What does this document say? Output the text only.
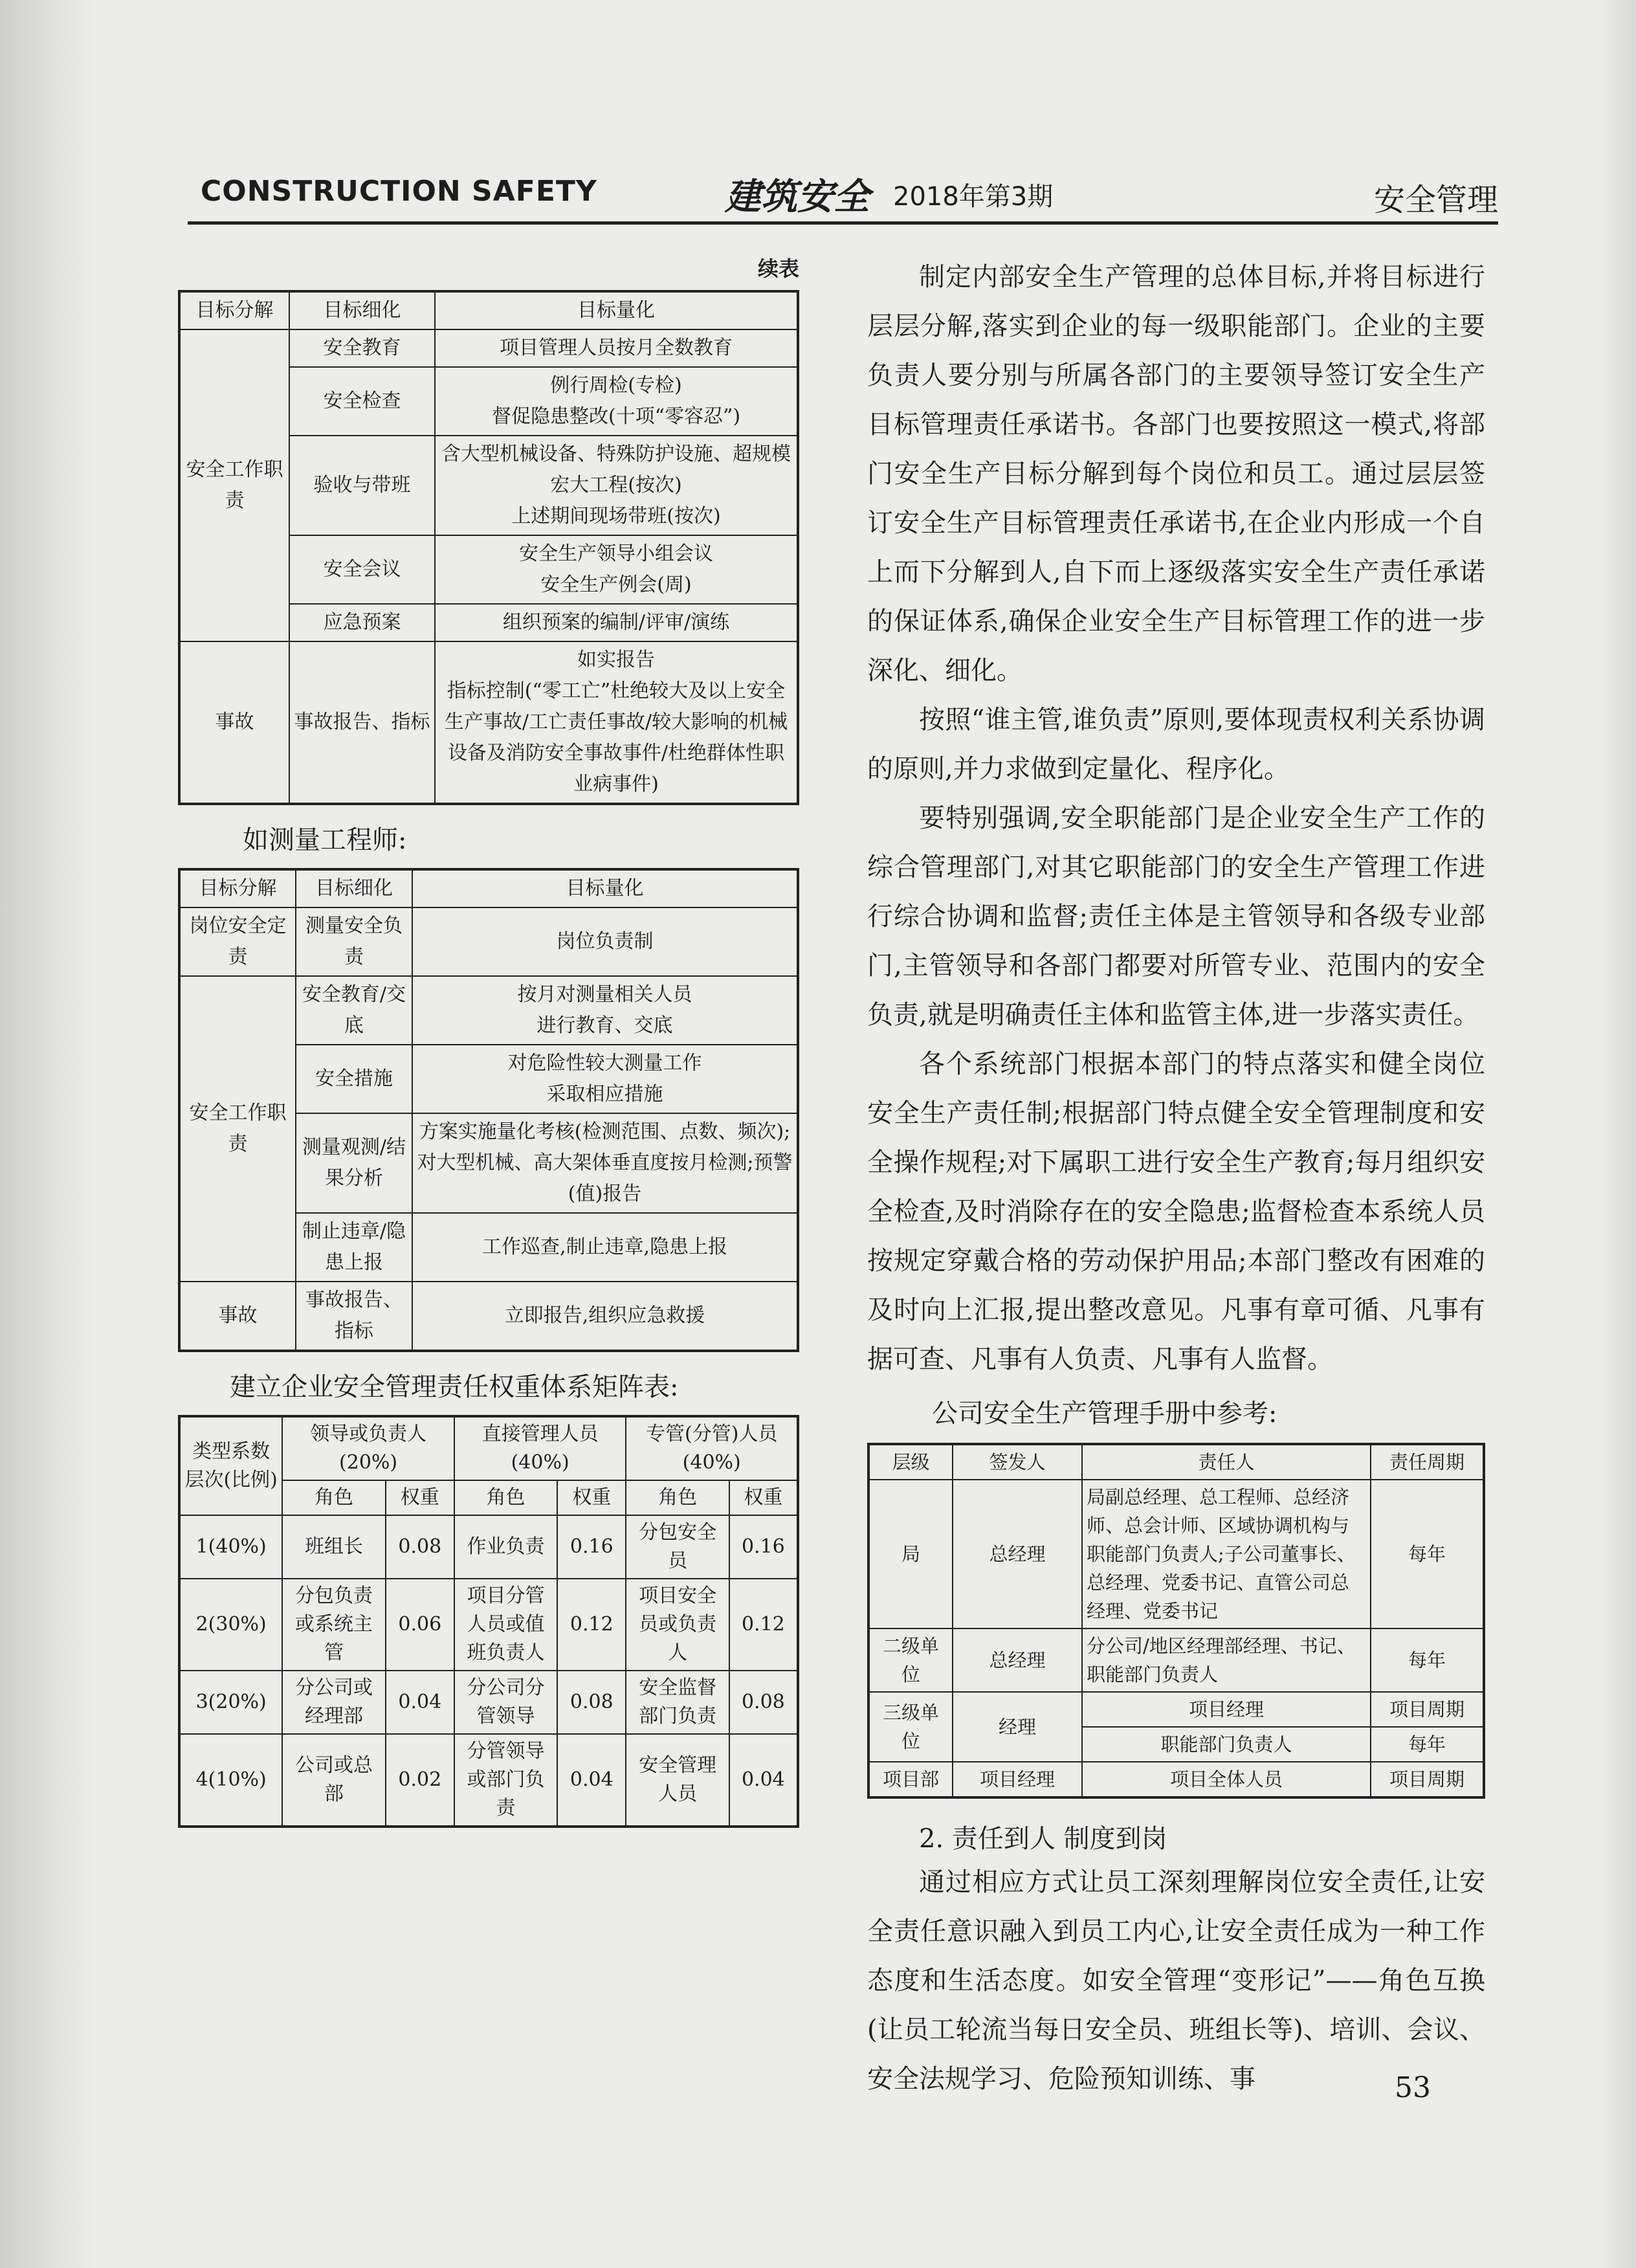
CONSTRUCTION SAFETY	建筑安全 2018年第3期	安全管理
续表
目标分解	目标细化	目标量化
安全工作职责	安全教育	项目管理人员按月全数教育
	安全检查	例行周检(专检)
督促隐患整改(十项“零容忍”)
	验收与带班	含大型机械设备、特殊防护设施、超规模宏大工程(按次)
上述期间现场带班(按次)
	安全会议	安全生产领导小组会议
安全生产例会(周)
	应急预案	组织预案的编制/评审/演练
事故	事故报告、指标	如实报告
指标控制(“零工亡”杜绝较大及以上安全生产事故/工亡责任事故/较大影响的机械设备及消防安全事故事件/杜绝群体性职业病事件)
如测量工程师:
目标分解	目标细化	目标量化
岗位安全定责	测量安全负责	岗位负责制
安全工作职责	安全教育/交底	按月对测量相关人员
进行教育、交底
	安全措施	对危险性较大测量工作
采取相应措施
	测量观测/结果分析	方案实施量化考核(检测范围、点数、频次);对大型机械、高大架体垂直度按月检测;预警(值)报告
	制止违章/隐患上报	工作巡查,制止违章,隐患上报
事故	事故报告、指标	立即报告,组织应急救援
建立企业安全管理责任权重体系矩阵表:
类型系数层次(比例)	领导或负责人(20%)		直接管理人员(40%)		专管(分管)人员(40%)	
	角色	权重	角色	权重	角色	权重
1(40%)	班组长	0.08	作业负责	0.16	分包安全员	0.16
2(30%)	分包负责或系统主管	0.06	项目分管人员或值班负责人	0.12	项目安全员或负责人	0.12
3(20%)	分公司或经理部	0.04	分公司分管领导	0.08	安全监督部门负责	0.08
4(10%)	公司或总部	0.02	分管领导或部门负责	0.04	安全管理人员	0.04

制定内部安全生产管理的总体目标,并将目标进行层层分解,落实到企业的每一级职能部门。企业的主要负责人要分别与所属各部门的主要领导签订安全生产目标管理责任承诺书。各部门也要按照这一模式,将部门安全生产目标分解到每个岗位和员工。通过层层签订安全生产目标管理责任承诺书,在企业内形成一个自上而下分解到人,自下而上逐级落实安全生产责任承诺的保证体系,确保企业安全生产目标管理工作的进一步深化、细化。

按照“谁主管,谁负责”原则,要体现责权利关系协调的原则,并力求做到定量化、程序化。

要特别强调,安全职能部门是企业安全生产工作的综合管理部门,对其它职能部门的安全生产管理工作进行综合协调和监督;责任主体是主管领导和各级专业部门,主管领导和各部门都要对所管专业、范围内的安全负责,就是明确责任主体和监管主体,进一步落实责任。

各个系统部门根据本部门的特点落实和健全岗位安全生产责任制;根据部门特点健全安全管理制度和安全操作规程;对下属职工进行安全生产教育;每月组织安全检查,及时消除存在的安全隐患;监督检查本系统人员按规定穿戴合格的劳动保护用品;本部门整改有困难的及时向上汇报,提出整改意见。凡事有章可循、凡事有据可查、凡事有人负责、凡事有人监督。

公司安全生产管理手册中参考:
层级	签发人	责任人	责任周期
局	总经理	局副总经理、总工程师、总经济师、总会计师、区域协调机构与职能部门负责人;子公司董事长、总经理、党委书记、直管公司总经理、党委书记	每年
二级单位	总经理	分公司/地区经理部经理、书记、职能部门负责人	每年
三级单位	经理	项目经理	项目周期
		职能部门负责人	每年
项目部	项目经理	项目全体人员	项目周期
2. 责任到人 制度到岗

通过相应方式让员工深刻理解岗位安全责任,让安全责任意识融入到员工内心,让安全责任成为一种工作态度和生活态度。如安全管理“变形记”——角色互换(让员工轮流当每日安全员、班组长等)、培训、会议、安全法规学习、危险预知训练、事	53
